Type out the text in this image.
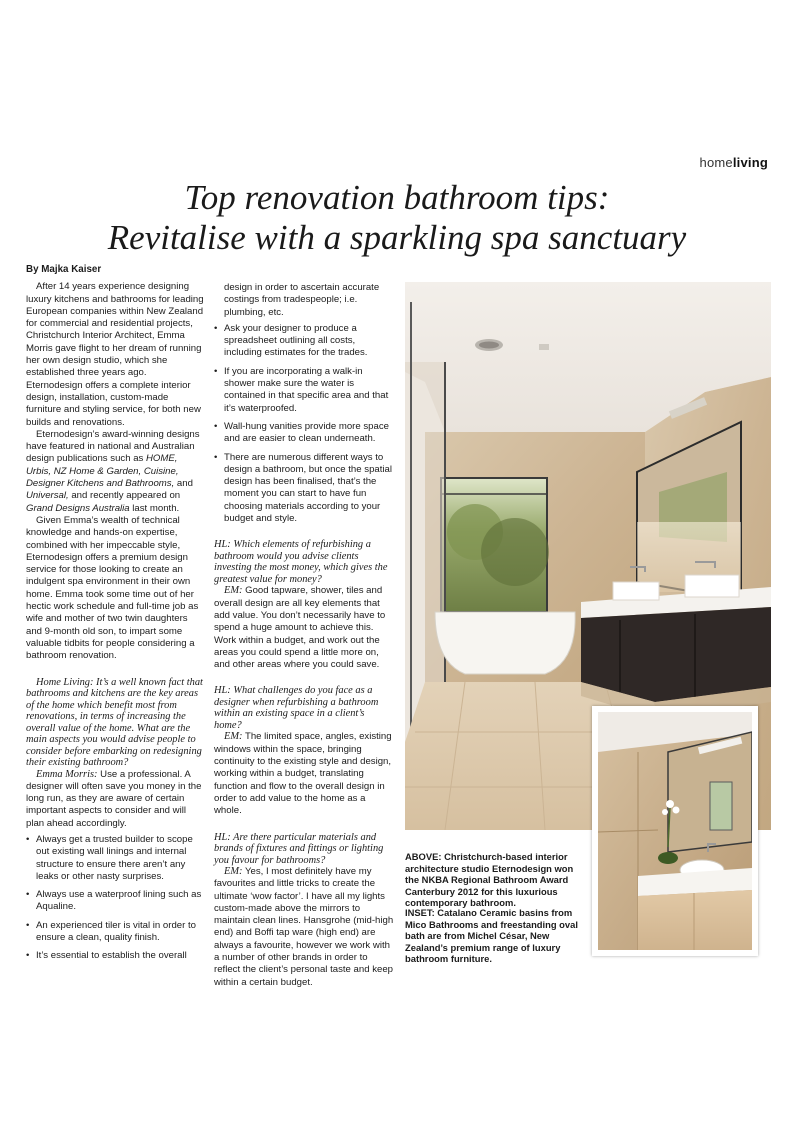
homeliving
Top renovation bathroom tips:
Revitalise with a sparkling spa sanctuary

By Majka Kaiser

After 14 years experience designing luxury kitchens and bathrooms for leading European companies within New Zealand for commercial and residential projects, Christchurch Interior Architect, Emma Morris gave flight to her dream of running her own design studio, which she established three years ago. Eternodesign offers a complete interior design, installation, custom-made furniture and styling service, for both new builds and renovations.

Eternodesign’s award-winning designs have featured in national and Australian design publications such as HOME, Urbis, NZ Home & Garden, Cuisine, Designer Kitchens and Bathrooms, and Universal, and recently appeared on Grand Designs Australia last month.

Given Emma’s wealth of technical knowledge and hands-on expertise, combined with her impeccable style, Eternodesign offers a premium design service for those looking to create an indulgent spa environment in their own home. Emma took some time out of her hectic work schedule and full-time job as wife and mother of two twin daughters and 9-month old son, to impart some valuable tidbits for people considering a bathroom renovation.

Home Living: It’s a well known fact that bathrooms and kitchens are the key areas of the home which benefit most from renovations, in terms of increasing the overall value of the home. What are the main aspects you would advise people to consider before embarking on redesigning their existing bathroom?

Emma Morris: Use a professional. A designer will often save you money in the long run, as they are aware of certain important aspects to consider and will plan ahead accordingly.

• Always get a trusted builder to scope out existing wall linings and internal structure to ensure there aren’t any leaks or other nasty surprises.
• Always use a waterproof lining such as Aqualine.
• An experienced tiler is vital in order to ensure a clean, quality finish.
• It’s essential to establish the overall

design in order to ascertain accurate costings from tradespeople; i.e. plumbing, etc.

• Ask your designer to produce a spreadsheet outlining all costs, including estimates for the trades.
• If you are incorporating a walk-in shower make sure the water is contained in that specific area and that it’s waterproofed.
• Wall-hung vanities provide more space and are easier to clean underneath.
• There are numerous different ways to design a bathroom, but once the spatial design has been finalised, that’s the moment you can start to have fun choosing materials according to your budget and style.

HL: Which elements of refurbishing a bathroom would you advise clients investing the most money, which gives the greatest value for money?

EM: Good tapware, shower, tiles and overall design are all key elements that add value. You don’t necessarily have to spend a huge amount to achieve this. Work within a budget, and work out the areas you could spend a little more on, and other areas where you could save.

HL: What challenges do you face as a designer when refurbishing a bathroom within an existing space in a client’s home?

EM: The limited space, angles, existing windows within the space, bringing continuity to the existing style and design, working within a budget, translating function and flow to the overall design in order to add value to the home as a whole.

HL: Are there particular materials and brands of fixtures and fittings or lighting you favour for bathrooms?

EM: Yes, I most definitely have my favourites and little tricks to create the ultimate ‘wow factor’. I have all my lights custom-made above the mirrors to maintain clean lines. Hansgrohe (mid-high end) and Boffi tap ware (high end) are always a favourite, however we work with a number of other brands in order to reflect the client’s personal taste and keep within a certain budget.

ABOVE: Christchurch-based interior architecture studio Eternodesign won the NKBA Regional Bathroom Award Canterbury 2012 for this luxurious contemporary bathroom.

INSET: Catalano Ceramic basins from Mico Bathrooms and freestanding oval bath are from Michel César, New Zealand’s premium range of luxury bathroom furniture.
